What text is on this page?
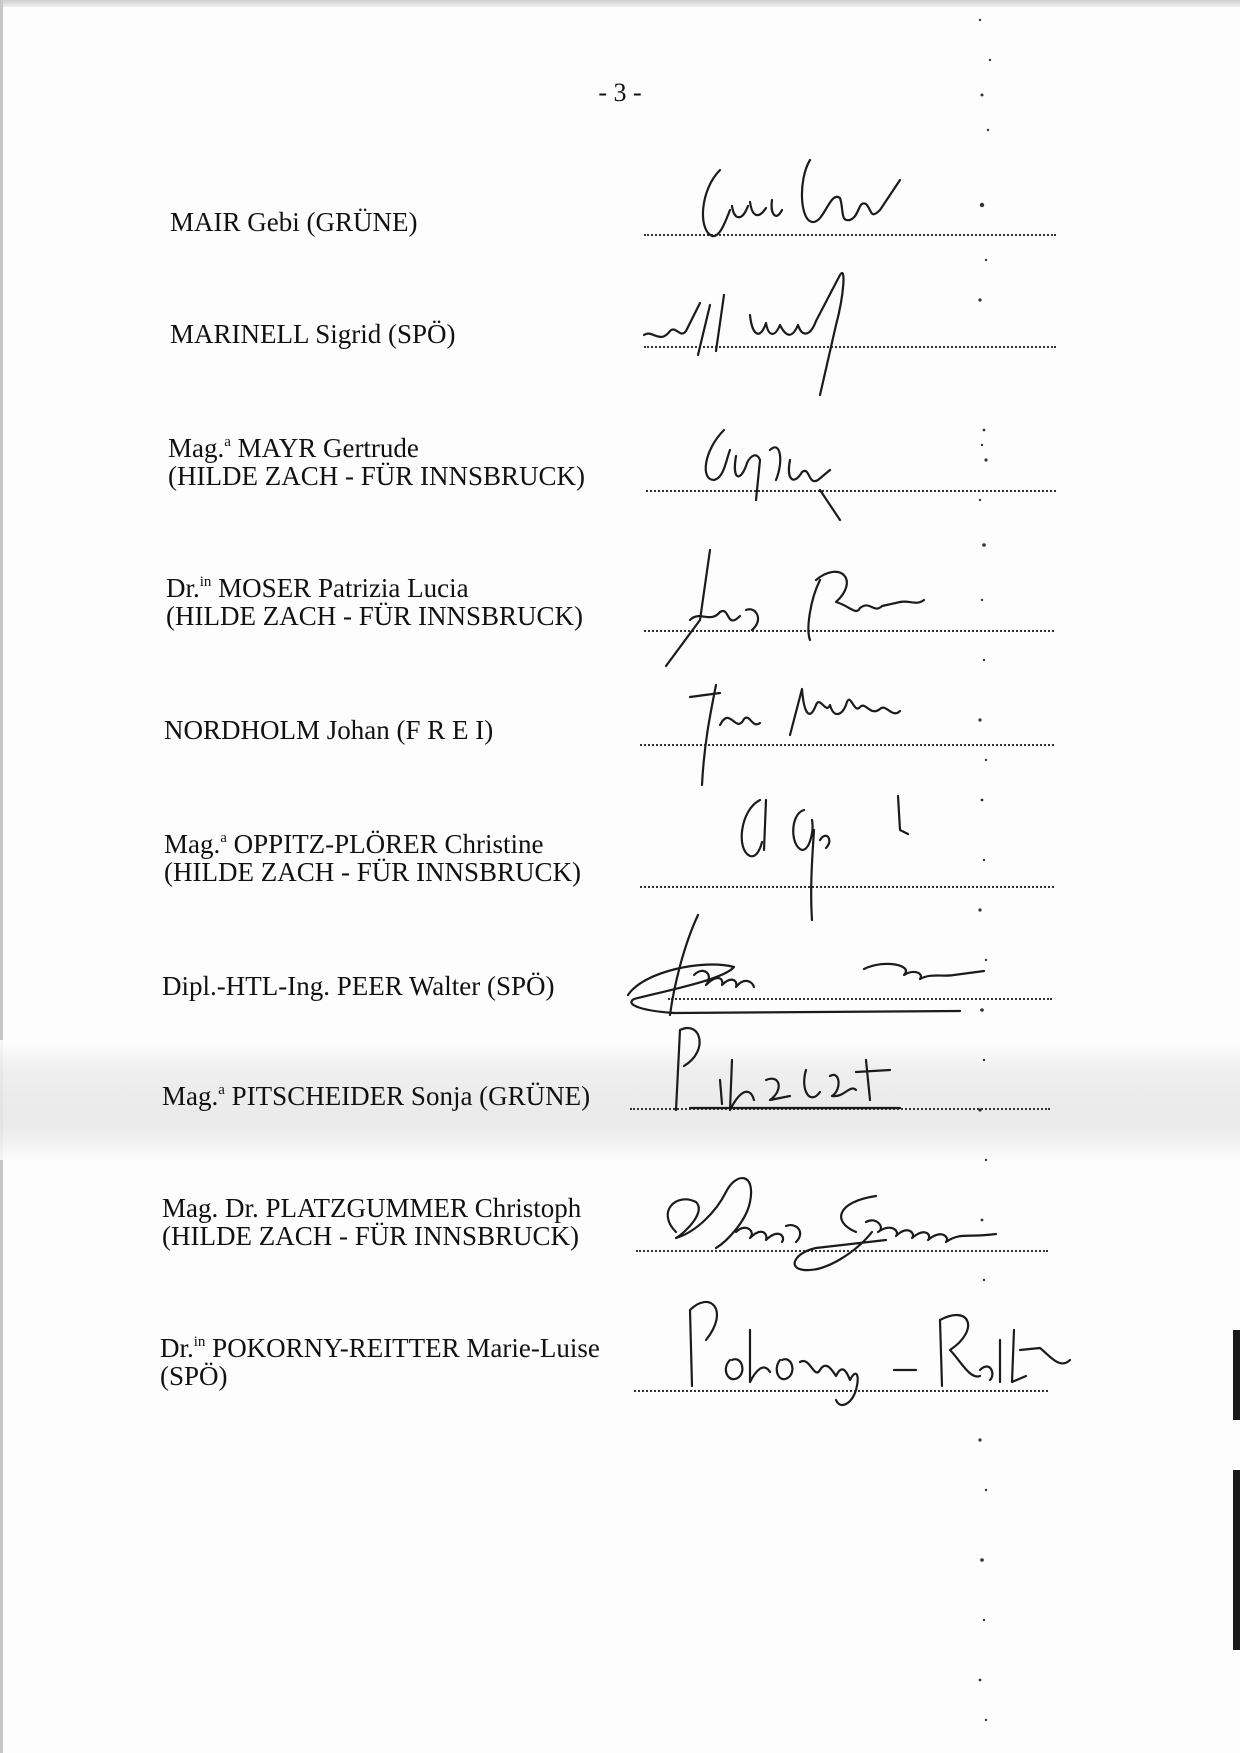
- 3 -
MAIR Gebi (GRÜNE)
MARINELL Sigrid (SPÖ)
Mag.$^a$ MAYR Gertrude
(HILDE ZACH - FÜR INNSBRUCK)
Dr.$^{in}$ MOSER Patrizia Lucia
(HILDE ZACH - FÜR INNSBRUCK)
NORDHOLM Johan (F R E I)
Mag.$^a$ OPPITZ-PLÖRER Christine
(HILDE ZACH - FÜR INNSBRUCK)
Dipl.-HTL-Ing. PEER Walter (SPÖ)
Mag.$^a$ PITSCHEIDER Sonja (GRÜNE)
Mag. Dr. PLATZGUMMER Christoph
(HILDE ZACH - FÜR INNSBRUCK)
Dr.$^{in}$ POKORNY-REITTER Marie-Luise
(SPÖ)
